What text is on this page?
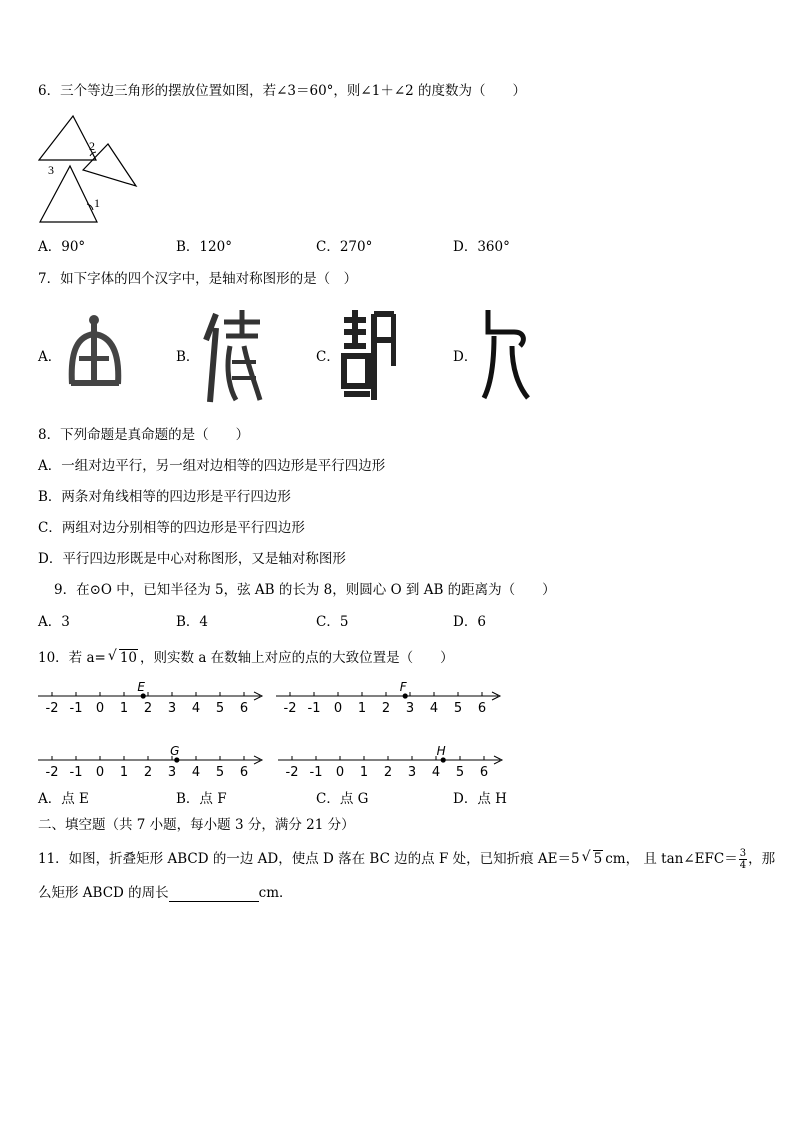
6．三个等边三角形的摆放位置如图，若∠3＝60°，则∠1＋∠2 的度数为（　　）
2
3
1
A．90°	B．120°	C．270°	D．360°
7．如下字体的四个汉字中，是轴对称图形的是（　）
A．	B．	C．	D．
8．下列命题是真命题的是（　　）
A．一组对边平行，另一组对边相等的四边形是平行四边形
B．两条对角线相等的四边形是平行四边形
C．两组对边分别相等的四边形是平行四边形
D．平行四边形既是中心对称图形，又是轴对称图形
9．在⊙O 中，已知半径为 5，弦 AB 的长为 8，则圆心 O 到 AB 的距离为（　　）
A．3	B．4	C．5	D．6
10．若 a= √ 10 ，则实数 a 在数轴上对应的点的大致位置是（　　）
-2 -1 0 1 2 3 4 5 6
E
-2 -1 0 1 2 3 4 5 6
F
-2 -1 0 1 2 3 4 5 6
G
-2 -1 0 1 2 3 4 5 6
H
A．点 E	B．点 F	C．点 G	D．点 H
二、填空题（共 7 小题，每小题 3 分，满分 21 分）
11．如图，折叠矩形 ABCD 的一边 AD，使点 D 落在 BC 边的点 F 处，已知折痕 AE＝5 √ 5 cm， 且 tan∠EFC＝ $\frac{3}{4}$ ，那
么矩形 ABCD 的周长	cm．
